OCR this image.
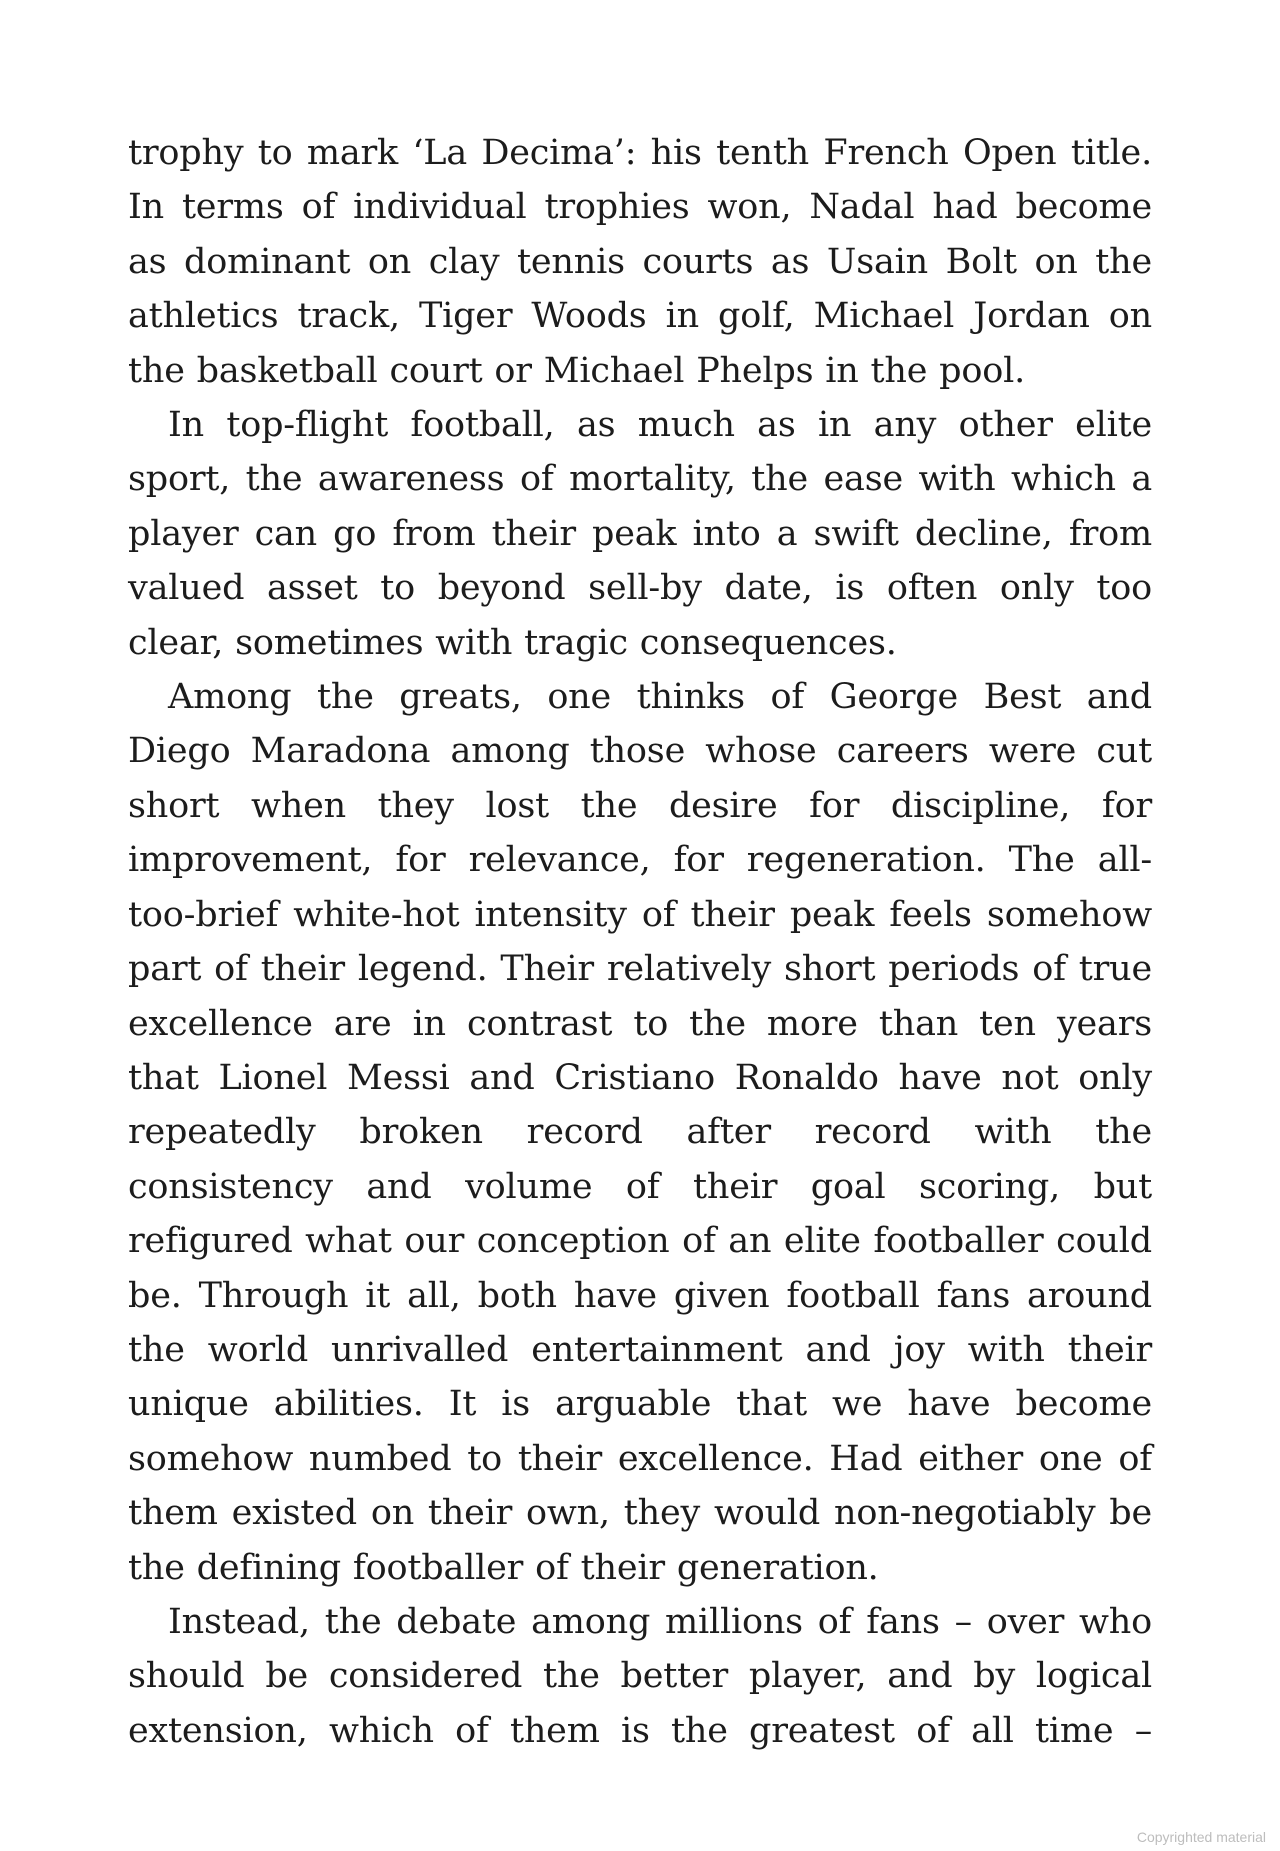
trophy to mark ‘La Decima’: his tenth French Open title. In terms of individual trophies won, Nadal had become as dominant on clay tennis courts as Usain Bolt on the athletics track, Tiger Woods in golf, Michael Jordan on the basketball court or Michael Phelps in the pool.

In top-flight football, as much as in any other elite sport, the awareness of mortality, the ease with which a player can go from their peak into a swift decline, from valued asset to beyond sell-by date, is often only too clear, sometimes with tragic consequences.

Among the greats, one thinks of George Best and Diego Maradona among those whose careers were cut short when they lost the desire for discipline, for improvement, for relevance, for regeneration. The all-too-brief white-hot intensity of their peak feels somehow part of their legend. Their relatively short periods of true excellence are in contrast to the more than ten years that Lionel Messi and Cristiano Ronaldo have not only repeatedly broken record after record with the consistency and volume of their goal scoring, but refigured what our conception of an elite footballer could be. Through it all, both have given football fans around the world unrivalled entertainment and joy with their unique abilities. It is arguable that we have become somehow numbed to their excellence. Had either one of them existed on their own, they would non-negotiably be the defining footballer of their generation.

Instead, the debate among millions of fans – over who should be considered the better player, and by logical extension, which of them is the greatest of all time –

Copyrighted material
